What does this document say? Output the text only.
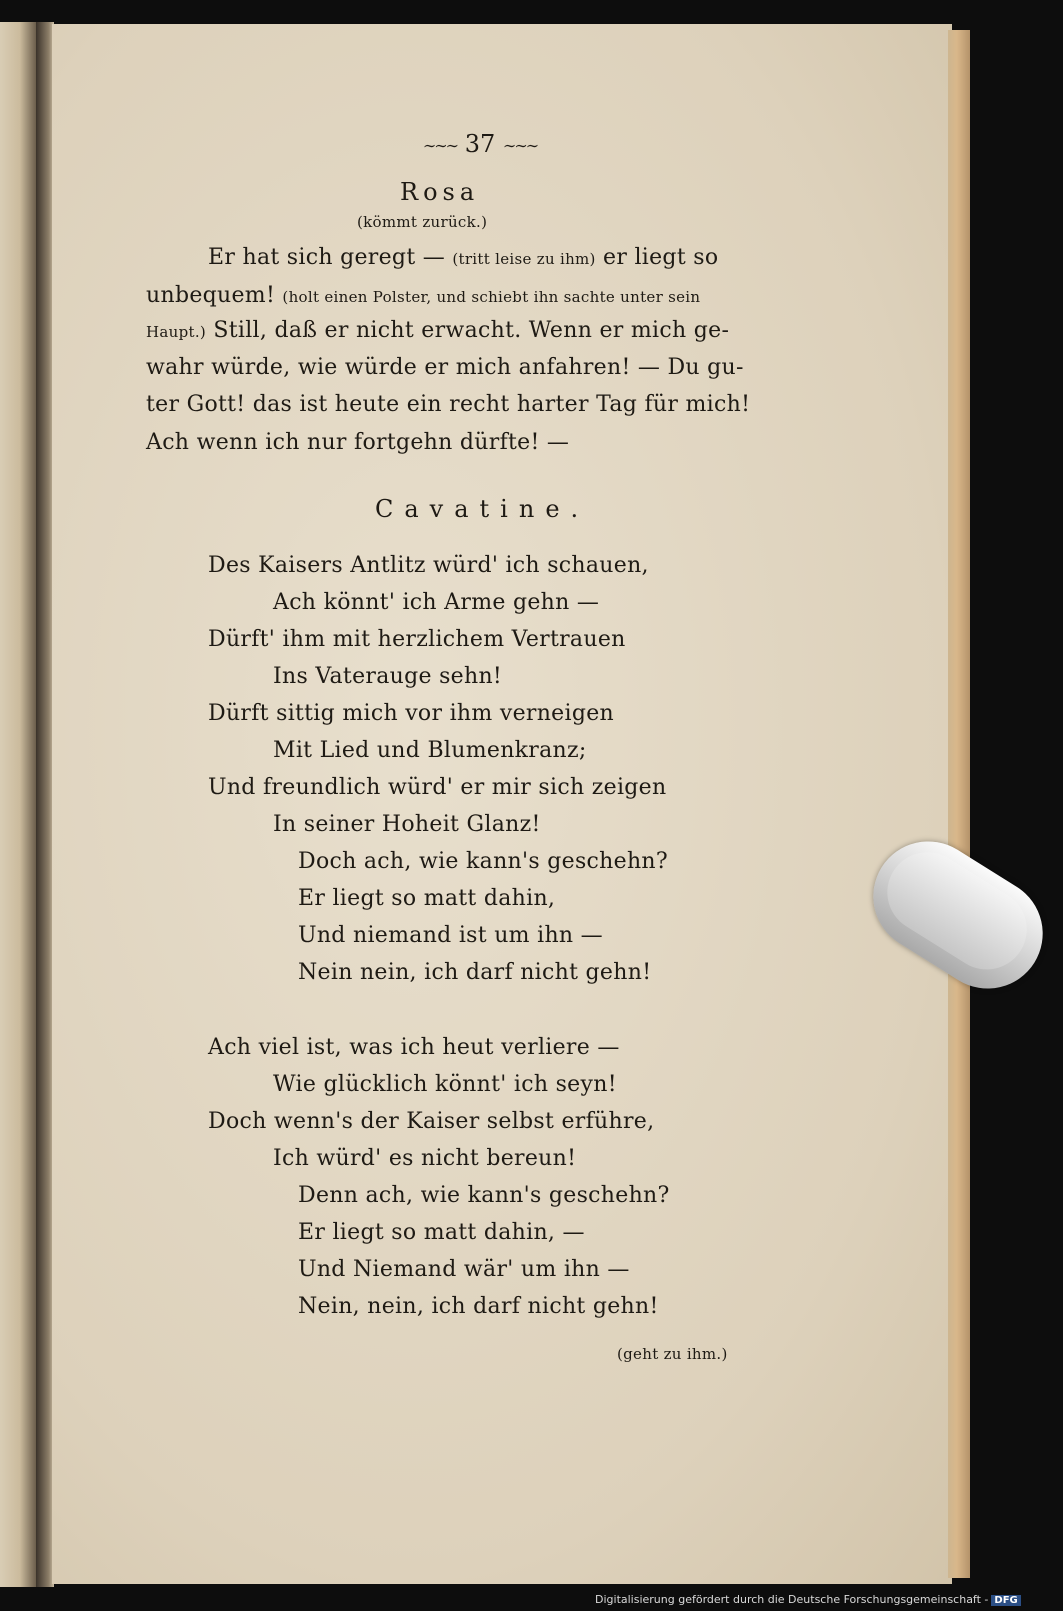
∼∼∼ 37 ∼∼∼
Rosa
(kömmt zurück.)
Er hat sich geregt — (tritt leise zu ihm) er liegt so
unbequem! (holt einen Polster, und schiebt ihn sachte unter sein
Haupt.) Still, daß er nicht erwacht. Wenn er mich ge-
wahr würde, wie würde er mich anfahren! — Du gu-
ter Gott! das ist heute ein recht harter Tag für mich!
Ach wenn ich nur fortgehn dürfte! —
Cavatine.
Des Kaisers Antlitz würd' ich schauen,
Ach könnt' ich Arme gehn —
Dürft' ihm mit herzlichem Vertrauen
Ins Vaterauge sehn!
Dürft sittig mich vor ihm verneigen
Mit Lied und Blumenkranz;
Und freundlich würd' er mir sich zeigen
In seiner Hoheit Glanz!
Doch ach, wie kann's geschehn?
Er liegt so matt dahin,
Und niemand ist um ihn —
Nein nein, ich darf nicht gehn!
Ach viel ist, was ich heut verliere —
Wie glücklich könnt' ich seyn!
Doch wenn's der Kaiser selbst erführe,
Ich würd' es nicht bereun!
Denn ach, wie kann's geschehn?
Er liegt so matt dahin, —
Und Niemand wär' um ihn —
Nein, nein, ich darf nicht gehn!
(geht zu ihm.)
Digitalisierung gefördert durch die Deutsche Forschungsgemeinschaft - DFG
